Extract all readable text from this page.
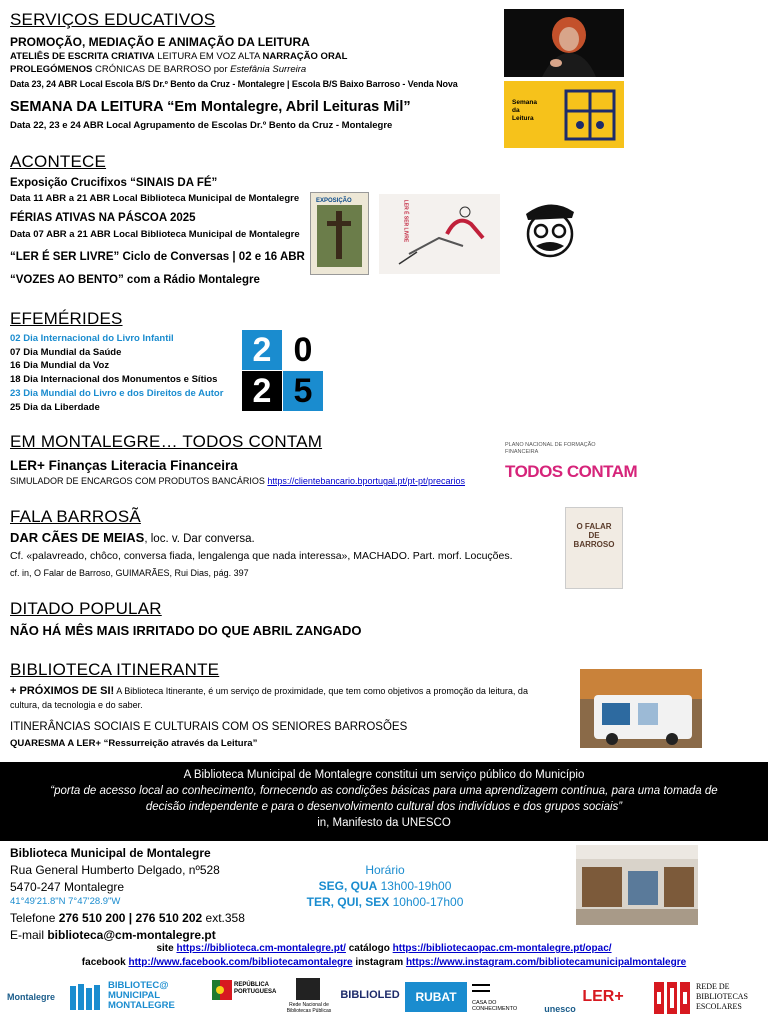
SERVIÇOS EDUCATIVOS
PROMOÇÃO, MEDIAÇÃO E ANIMAÇÃO DA LEITURA
ATELIÊS DE ESCRITA CRIATIVA LEITURA EM VOZ ALTA NARRAÇÃO ORAL
PROLEGÓMENOS CRÓNICAS DE BARROSO por Estefânia Surreira
Data 23, 24 ABR Local Escola B/S Dr.º Bento da Cruz - Montalegre | Escola B/S Baixo Barroso - Venda Nova
SEMANA DA LEITURA “Em Montalegre, Abril Leituras Mil”
Data 22, 23 e 24 ABR Local Agrupamento de Escolas Dr.º Bento da Cruz - Montalegre
Semana da Leitura
ACONTECE
Exposição Crucifixos “SINAIS DA FÉ”
Data 11 ABR a 21 ABR Local Biblioteca Municipal de Montalegre
FÉRIAS ATIVAS NA PÁSCOA 2025
Data 07 ABR a 21 ABR Local Biblioteca Municipal de Montalegre
“LER É SER LIVRE” Ciclo de Conversas | 02 e 16 ABR
“VOZES AO BENTO” com a Rádio Montalegre
EXPOSIÇÃO	LER É SER LIVRE
EFEMÉRIDES
02 Dia Internacional do Livro Infantil
07 Dia Mundial da Saúde
16 Dia Mundial da Voz
18 Dia Internacional dos Monumentos e Sítios
23 Dia Mundial do Livro e dos Direitos de Autor
25 Dia da Liberdade
2 0
2 5
EM MONTALEGRE… TODOS CONTAM
LER+ Finanças Literacia Financeira
SIMULADOR DE ENCARGOS COM PRODUTOS BANCÁRIOS https://clientebancario.bportugal.pt/pt-pt/precarios
PLANO NACIONAL DE FORMAÇÃO FINANCEIRA
TODOS CONTAM
FALA BARROSÃ
DAR CÃES DE MEIAS, loc. v. Dar conversa.
Cf. «palavreado, chôco, conversa fiada, lengalenga que nada interessa», MACHADO. Part. morf. Locuções.
cf. in, O Falar de Barroso, GUIMARÃES, Rui Dias, pág. 397
O FALAR DE BARROSO
DITADO POPULAR
NÃO HÁ MÊS MAIS IRRITADO DO QUE ABRIL ZANGADO
BIBLIOTECA ITINERANTE
+ PRÓXIMOS DE SI! A Biblioteca Itinerante, é um serviço de proximidade, que tem como objetivos a promoção da leitura, da
cultura, da tecnologia e do saber.
ITINERÂNCIAS SOCIAIS E CULTURAIS COM OS SENIORES BARROSÕES
QUARESMA A LER+ “Ressurreição através da Leitura”
A Biblioteca Municipal de Montalegre constitui um serviço público do Município
“porta de acesso local ao conhecimento, fornecendo as condições básicas para uma aprendizagem contínua, para uma tomada de
decisão independente e para o desenvolvimento cultural dos indivíduos e dos grupos sociais”
in, Manifesto da UNESCO
Biblioteca Municipal de Montalegre
Rua General Humberto Delgado, nº528
5470-247 Montalegre
41°49'21.8"N 7°47'28.9"W
Telefone 276 510 200 | 276 510 202 ext.358
E-mail biblioteca@cm-montalegre.pt
Horário
SEG, QUA 13h00-19h00
TER, QUI, SEX 10h00-17h00
site https://biblioteca.cm-montalegre.pt/ catálogo https://bibliotecaopac.cm-montalegre.pt/opac/
facebook http://www.facebook.com/bibliotecamontalegre instagram https://www.instagram.com/bibliotecamunicipalmontalegre
Montalegre
BIBLIOTEC@ MUNICIPAL MONTALEGRE
REPÚBLICA PORTUGUESA
Rede Nacional de Bibliotecas Públicas
BIBLIOLED	RUBAT	CASA DO CONHECIMENTO	unesco
LER+
REDE DE BIBLIOTECAS ESCOLARES
